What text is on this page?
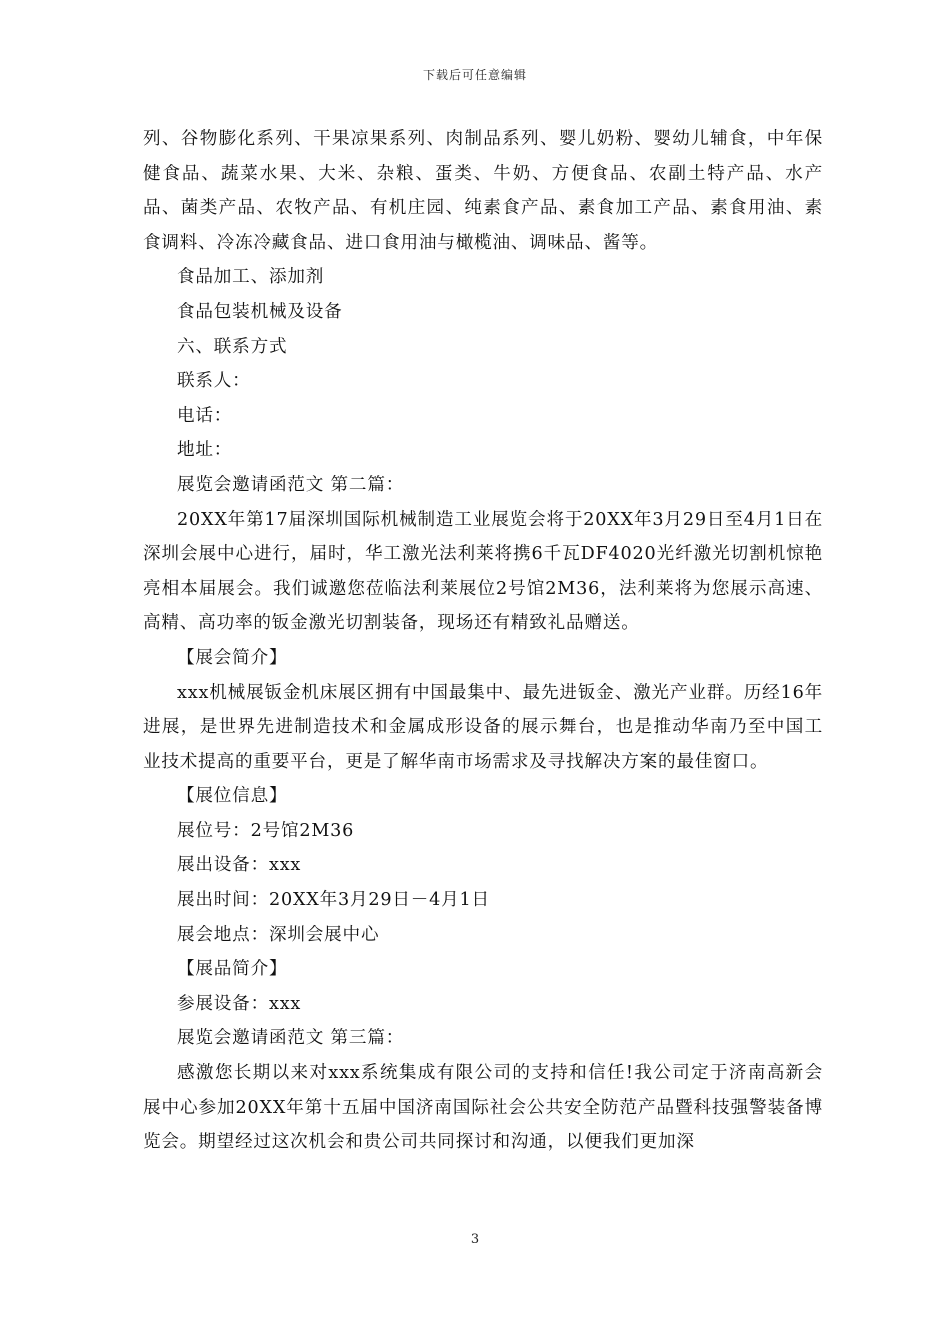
下载后可任意编辑

列、谷物膨化系列、干果凉果系列、肉制品系列、婴儿奶粉、婴幼儿辅食，中年保健食品、蔬菜水果、大米、杂粮、蛋类、牛奶、方便食品、农副土特产品、水产品、菌类产品、农牧产品、有机庄园、纯素食产品、素食加工产品、素食用油、素食调料、冷冻冷藏食品、进口食用油与橄榄油、调味品、酱等。

食品加工、添加剂

食品包装机械及设备

六、联系方式

联系人：

电话：

地址：

展览会邀请函范文 第二篇：

20XX年第17届深圳国际机械制造工业展览会将于20XX年3月29日至4月1日在深圳会展中心进行，届时，华工激光法利莱将携6千瓦DF4020光纤激光切割机惊艳亮相本届展会。我们诚邀您莅临法利莱展位2号馆2M36，法利莱将为您展示高速、高精、高功率的钣金激光切割装备，现场还有精致礼品赠送。

【展会简介】

xxx机械展钣金机床展区拥有中国最集中、最先进钣金、激光产业群。历经16年进展，是世界先进制造技术和金属成形设备的展示舞台，也是推动华南乃至中国工业技术提高的重要平台，更是了解华南市场需求及寻找解决方案的最佳窗口。

【展位信息】

展位号：2号馆2M36

展出设备：xxx

展出时间：20XX年3月29日－4月1日

展会地点：深圳会展中心

【展品简介】

参展设备：xxx

展览会邀请函范文 第三篇：

感激您长期以来对xxx系统集成有限公司的支持和信任!我公司定于济南高新会展中心参加20XX年第十五届中国济南国际社会公共安全防范产品暨科技强警装备博览会。期望经过这次机会和贵公司共同探讨和沟通，以便我们更加深

3
